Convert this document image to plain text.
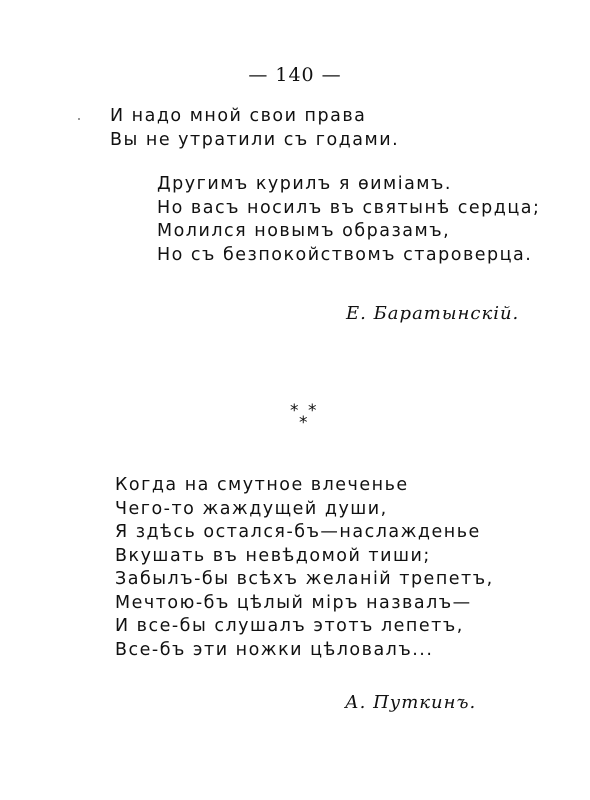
— 140 —
И надо мной свои права
Вы не утратили съ годами.
Другимъ курилъ я ѳиміамъ.
Но васъ носилъ въ святынѣ сердца;
Молился новымъ образамъ,
Но съ безпокойствомъ староверца.
Е. Баратынскій.
* *
*
Когда на смутное влеченье
Чего-то жаждущей души,
Я здѣсь остался-бъ—наслажденье
Вкушать въ невѣдомой тиши;
Забылъ-бы всѣхъ желаній трепетъ,
Мечтою-бъ цѣлый міръ назвалъ—
И все-бы слушалъ этотъ лепетъ,
Все-бъ эти ножки цѣловалъ...
А. Путкинъ.
